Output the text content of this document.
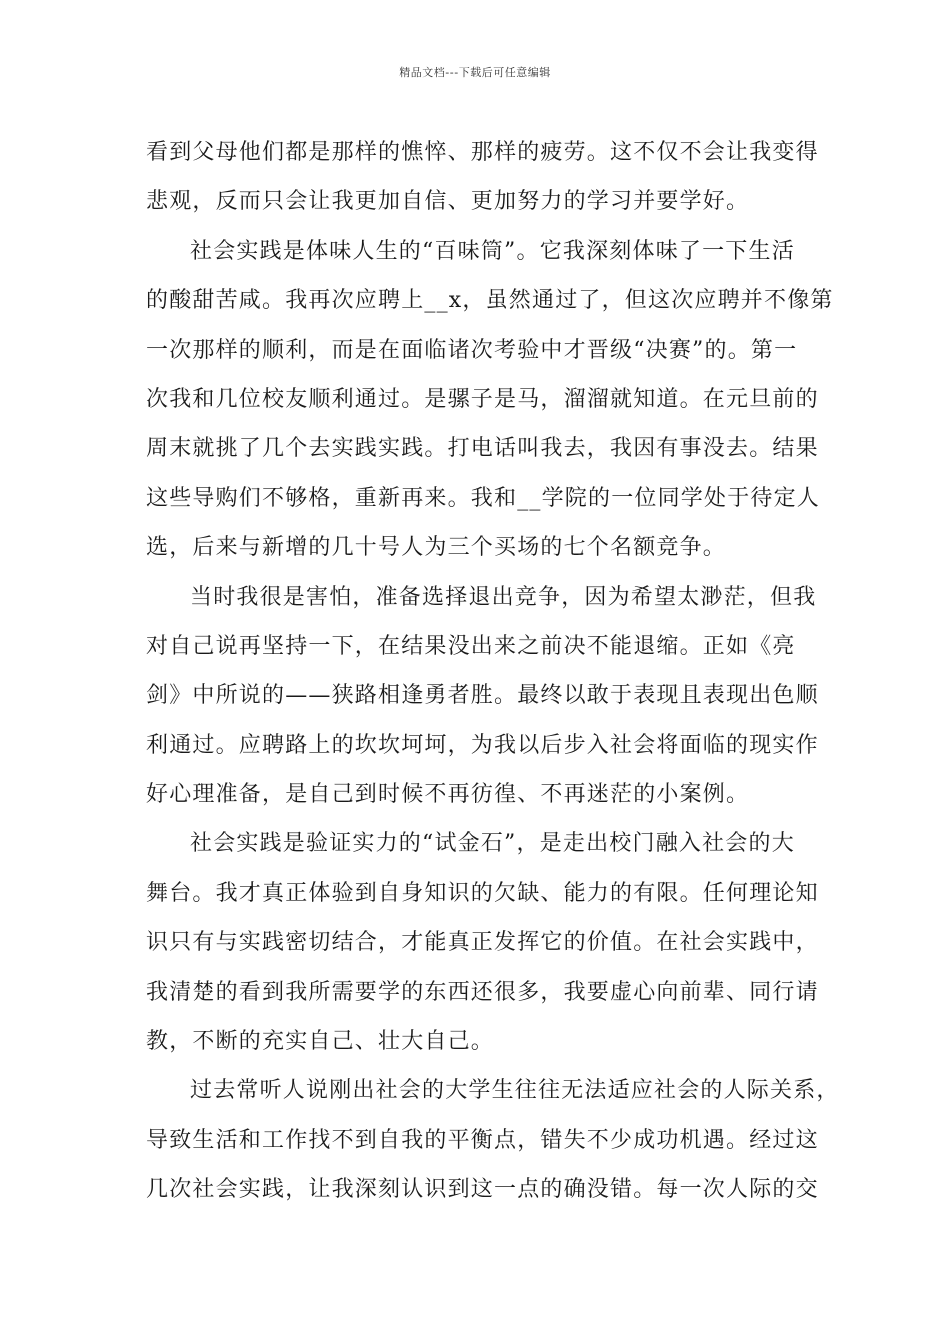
精品文档---下载后可任意编辑
看到父母他们都是那样的憔悴、那样的疲劳。这不仅不会让我变得
悲观，反而只会让我更加自信、更加努力的学习并要学好。
社会实践是体味人生的“百味筒”。它我深刻体味了一下生活
的酸甜苦咸。我再次应聘上__x，虽然通过了，但这次应聘并不像第
一次那样的顺利，而是在面临诸次考验中才晋级“决赛”的。第一
次我和几位校友顺利通过。是骡子是马，溜溜就知道。在元旦前的
周末就挑了几个去实践实践。打电话叫我去，我因有事没去。结果
这些导购们不够格，重新再来。我和__学院的一位同学处于待定人
选，后来与新增的几十号人为三个买场的七个名额竞争。
当时我很是害怕，准备选择退出竞争，因为希望太渺茫，但我
对自己说再坚持一下，在结果没出来之前决不能退缩。正如《亮
剑》中所说的——狭路相逢勇者胜。最终以敢于表现且表现出色顺
利通过。应聘路上的坎坎坷坷，为我以后步入社会将面临的现实作
好心理准备，是自己到时候不再彷徨、不再迷茫的小案例。
社会实践是验证实力的“试金石”，是走出校门融入社会的大
舞台。我才真正体验到自身知识的欠缺、能力的有限。任何理论知
识只有与实践密切结合，才能真正发挥它的价值。在社会实践中，
我清楚的看到我所需要学的东西还很多，我要虚心向前辈、同行请
教，不断的充实自己、壮大自己。
过去常听人说刚出社会的大学生往往无法适应社会的人际关系，
导致生活和工作找不到自我的平衡点，错失不少成功机遇。经过这
几次社会实践，让我深刻认识到这一点的确没错。每一次人际的交
